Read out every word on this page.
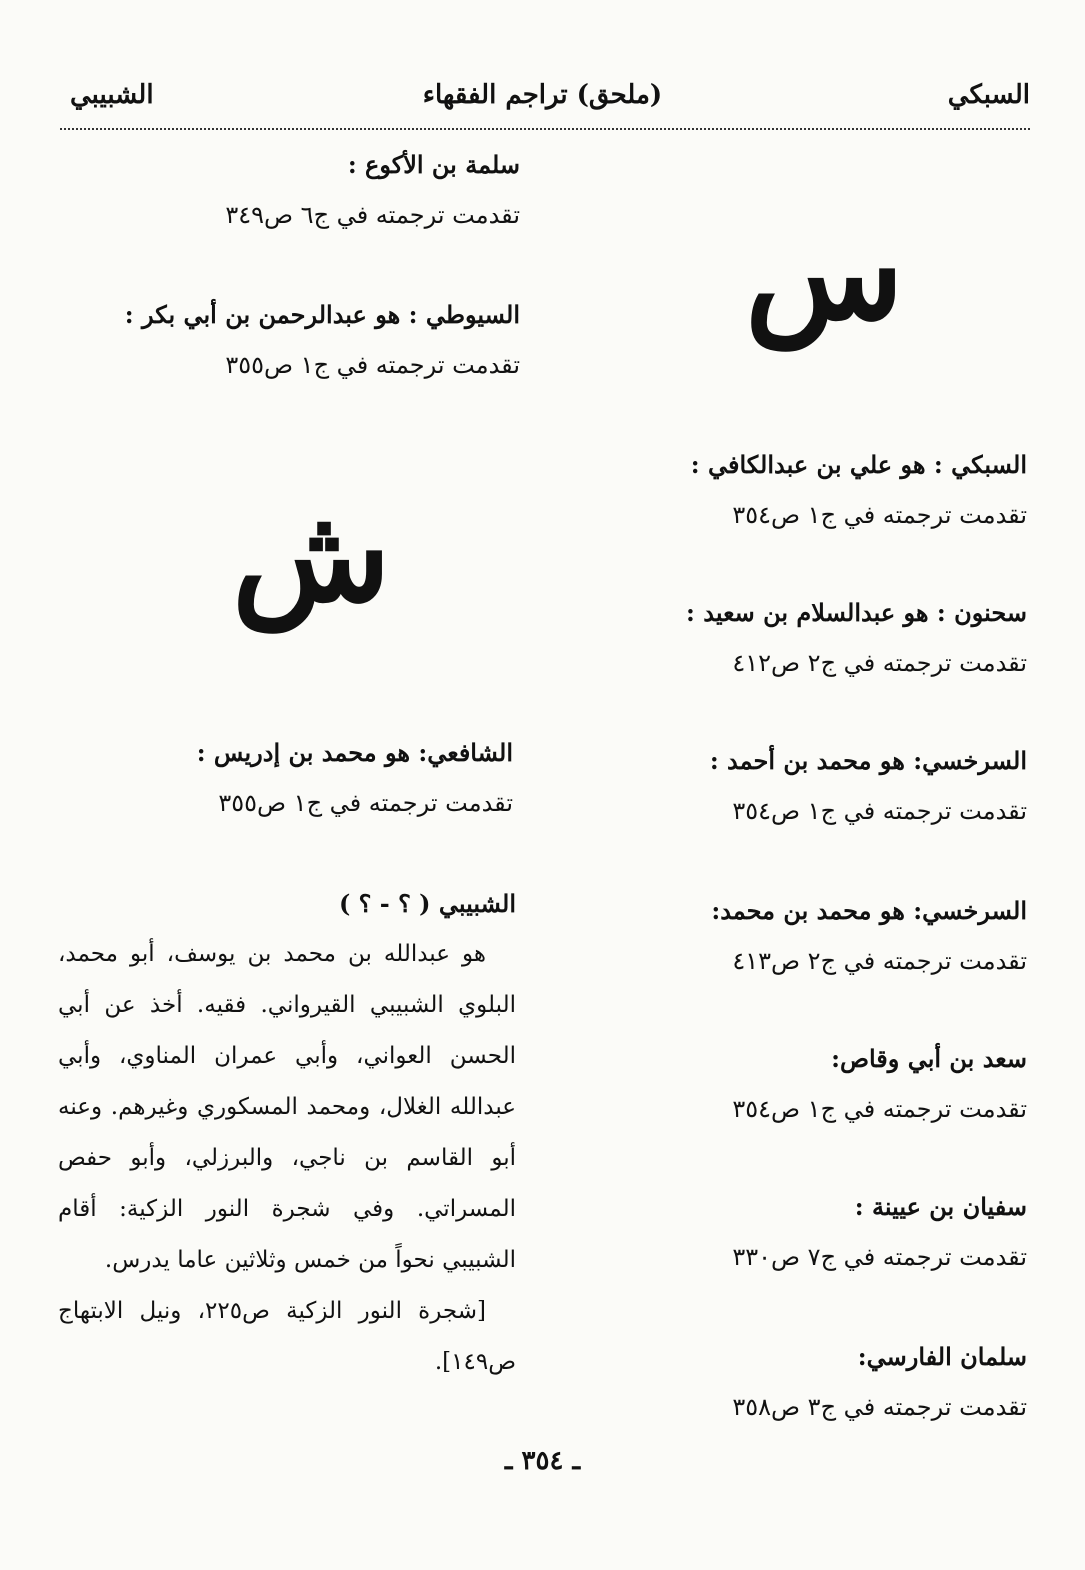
السبكي
(ملحق) تراجم الفقهاء
الشبيبي
س
ش
السبكي : هو علي بن عبدالكافي :
تقدمت ترجمته في ج١ ص٣٥٤
سحنون : هو عبدالسلام بن سعيد :
تقدمت ترجمته في ج٢ ص٤١٢
السرخسي: هو محمد بن أحمد :
تقدمت ترجمته في ج١ ص٣٥٤
السرخسي: هو محمد بن محمد:
تقدمت ترجمته في ج٢ ص٤١٣
سعد بن أبي وقاص:
تقدمت ترجمته في ج١ ص٣٥٤
سفيان بن عيينة :
تقدمت ترجمته في ج٧ ص٣٣٠
سلمان الفارسي:
تقدمت ترجمته في ج٣ ص٣٥٨
سلمة بن الأكوع :
تقدمت ترجمته في ج٦ ص٣٤٩
السيوطي : هو عبدالرحمن بن أبي بكر :
تقدمت ترجمته في ج١ ص٣٥٥
الشافعي: هو محمد بن إدريس :
تقدمت ترجمته في ج١ ص٣٥٥

الشبيبي ( ؟ - ؟ )

هو عبدالله بن محمد بن يوسف، أبو محمد، البلوي الشبيبي القيرواني. فقيه. أخذ عن أبي الحسن العواني، وأبي عمران المناوي، وأبي عبدالله الغلال، ومحمد المسكوري وغيرهم. وعنه أبو القاسم بن ناجي، والبرزلي، وأبو حفص المسراتي. وفي شجرة النور الزكية: أقام الشبيبي نحواً من خمس وثلاثين عاما يدرس.

[شجرة النور الزكية ص٢٢٥، ونيل الابتهاج ص١٤٩].

ـ ٣٥٤ ـ
